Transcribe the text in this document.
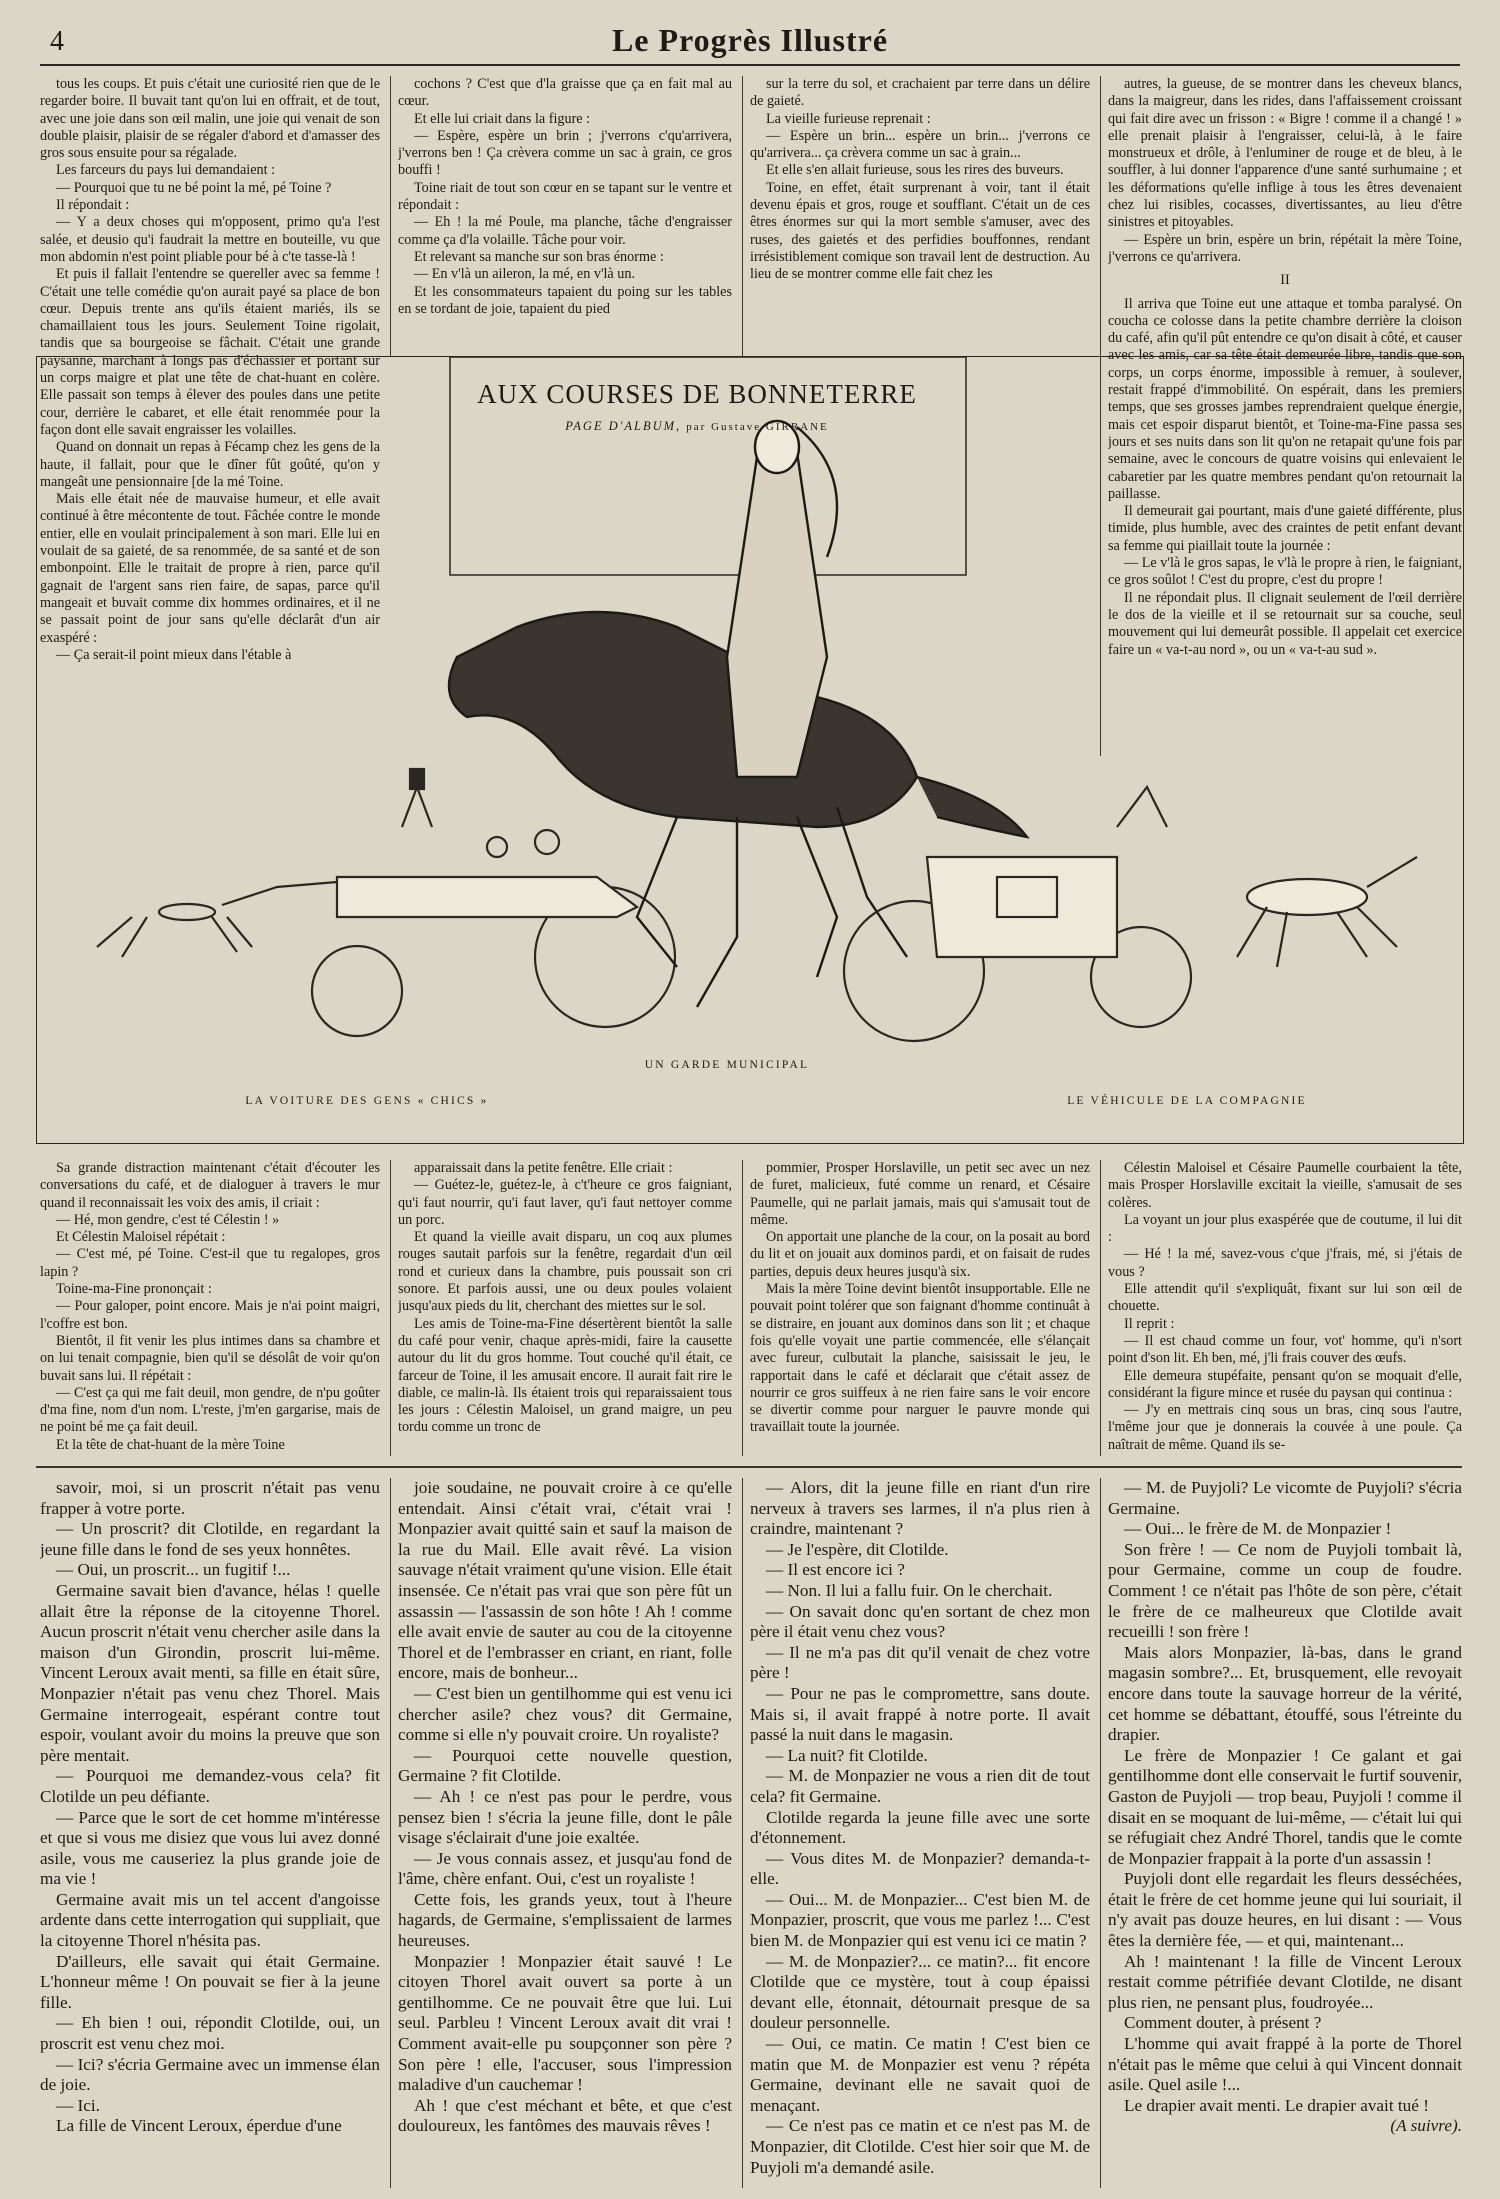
4	Le Progrès Illustré

tous les coups. Et puis c'était une curiosité rien que de le regarder boire. Il buvait tant qu'on lui en offrait, et de tout, avec une joie dans son œil malin, une joie qui venait de son double plaisir, plaisir de se régaler d'abord et d'amasser des gros sous ensuite pour sa régalade.

Les farceurs du pays lui demandaient :

— Pourquoi que tu ne bé point la mé, pé Toine ?

Il répondait :

— Y a deux choses qui m'opposent, primo qu'a l'est salée, et deusio qu'i faudrait la mettre en bouteille, vu que mon abdomin n'est point pliable pour bé à c'te tasse-là !

Et puis il fallait l'entendre se quereller avec sa femme ! C'était une telle comédie qu'on aurait payé sa place de bon cœur. Depuis trente ans qu'ils étaient mariés, ils se chamaillaient tous les jours. Seulement Toine rigolait, tandis que sa bourgeoise se fâchait. C'était une grande paysanne, marchant à longs pas d'échassier et portant sur un corps maigre et plat une tête de chat-huant en colère. Elle passait son temps à élever des poules dans une petite cour, derrière le cabaret, et elle était renommée pour la façon dont elle savait engraisser les volailles.

Quand on donnait un repas à Fécamp chez les gens de la haute, il fallait, pour que le dîner fût goûté, qu'on y mangeât une pensionnaire [de la mé Toine.

Mais elle était née de mauvaise humeur, et elle avait continué à être mécontente de tout. Fâchée contre le monde entier, elle en voulait principalement à son mari. Elle lui en voulait de sa gaieté, de sa renommée, de sa santé et de son embonpoint. Elle le traitait de propre à rien, parce qu'il gagnait de l'argent sans rien faire, de sapas, parce qu'il mangeait et buvait comme dix hommes ordinaires, et il ne se passait point de jour sans qu'elle déclarât d'un air exaspéré :

— Ça serait-il point mieux dans l'étable à

cochons ? C'est que d'la graisse que ça en fait mal au cœur.

Et elle lui criait dans la figure :

— Espère, espère un brin ; j'verrons c'qu'arrivera, j'verrons ben ! Ça crèvera comme un sac à grain, ce gros bouffi !

Toine riait de tout son cœur en se tapant sur le ventre et répondait :

— Eh ! la mé Poule, ma planche, tâche d'engraisser comme ça d'la volaille. Tâche pour voir.

Et relevant sa manche sur son bras énorme :

— En v'là un aileron, la mé, en v'là un.

Et les consommateurs tapaient du poing sur les tables en se tordant de joie, tapaient du pied

sur la terre du sol, et crachaient par terre dans un délire de gaieté.

La vieille furieuse reprenait :

— Espère un brin... espère un brin... j'verrons ce qu'arrivera... ça crèvera comme un sac à grain...

Et elle s'en allait furieuse, sous les rires des buveurs.

Toine, en effet, était surprenant à voir, tant il était devenu épais et gros, rouge et soufflant. C'était un de ces êtres énormes sur qui la mort semble s'amuser, avec des ruses, des gaietés et des perfidies bouffonnes, rendant irrésistiblement comique son travail lent de destruction. Au lieu de se montrer comme elle fait chez les

autres, la gueuse, de se montrer dans les cheveux blancs, dans la maigreur, dans les rides, dans l'affaissement croissant qui fait dire avec un frisson : « Bigre ! comme il a changé ! » elle prenait plaisir à l'engraisser, celui-là, à le faire monstrueux et drôle, à l'enluminer de rouge et de bleu, à le souffler, à lui donner l'apparence d'une santé surhumaine ; et les déformations qu'elle inflige à tous les êtres devenaient chez lui risibles, cocasses, divertissantes, au lieu d'être sinistres et pitoyables.

— Espère un brin, espère un brin, répétait la mère Toine, j'verrons ce qu'arrivera.

II

Il arriva que Toine eut une attaque et tomba paralysé. On coucha ce colosse dans la petite chambre derrière la cloison du café, afin qu'il pût entendre ce qu'on disait à côté, et causer avec les amis, car sa tête était demeurée libre, tandis que son corps, un corps énorme, impossible à remuer, à soulever, restait frappé d'immobilité. On espérait, dans les premiers temps, que ses grosses jambes reprendraient quelque énergie, mais cet espoir disparut bientôt, et Toine-ma-Fine passa ses jours et ses nuits dans son lit qu'on ne retapait qu'une fois par semaine, avec le concours de quatre voisins qui enlevaient le cabaretier par les quatre membres pendant qu'on retournait la paillasse.

Il demeurait gai pourtant, mais d'une gaieté différente, plus timide, plus humble, avec des craintes de petit enfant devant sa femme qui piaillait toute la journée :

— Le v'là le gros sapas, le v'là le propre à rien, le faigniant, ce gros soûlot ! C'est du propre, c'est du propre !

Il ne répondait plus. Il clignait seulement de l'œil derrière le dos de la vieille et il se retournait sur sa couche, seul mouvement qui lui demeurât possible. Il appelait cet exercice faire un « va-t-au nord », ou un « va-t-au sud ».

AUX COURSES DE BONNETERRE
PAGE D'ALBUM, par Gustave GIRRANE
LA VOITURE DES GENS « CHICS »
UN GARDE MUNICIPAL
LE VÉHICULE DE LA COMPAGNIE

Sa grande distraction maintenant c'était d'écouter les conversations du café, et de dialoguer à travers le mur quand il reconnaissait les voix des amis, il criait :

— Hé, mon gendre, c'est té Célestin ! »

Et Célestin Maloisel répétait :

— C'est mé, pé Toine. C'est-il que tu regalopes, gros lapin ?

Toine-ma-Fine prononçait :

— Pour galoper, point encore. Mais je n'ai point maigri, l'coffre est bon.

Bientôt, il fit venir les plus intimes dans sa chambre et on lui tenait compagnie, bien qu'il se désolât de voir qu'on buvait sans lui. Il répétait :

— C'est ça qui me fait deuil, mon gendre, de n'pu goûter d'ma fine, nom d'un nom. L'reste, j'm'en gargarise, mais de ne point bé me ça fait deuil.

Et la tête de chat-huant de la mère Toine

apparaissait dans la petite fenêtre. Elle criait :

— Guétez-le, guétez-le, à c't'heure ce gros faigniant, qu'i faut nourrir, qu'i faut laver, qu'i faut nettoyer comme un porc.

Et quand la vieille avait disparu, un coq aux plumes rouges sautait parfois sur la fenêtre, regardait d'un œil rond et curieux dans la chambre, puis poussait son cri sonore. Et parfois aussi, une ou deux poules volaient jusqu'aux pieds du lit, cherchant des miettes sur le sol.

Les amis de Toine-ma-Fine désertèrent bientôt la salle du café pour venir, chaque après-midi, faire la causette autour du lit du gros homme. Tout couché qu'il était, ce farceur de Toine, il les amusait encore. Il aurait fait rire le diable, ce malin-là. Ils étaient trois qui reparaissaient tous les jours : Célestin Maloisel, un grand maigre, un peu tordu comme un tronc de

pommier, Prosper Horslaville, un petit sec avec un nez de furet, malicieux, futé comme un renard, et Césaire Paumelle, qui ne parlait jamais, mais qui s'amusait tout de même.

On apportait une planche de la cour, on la posait au bord du lit et on jouait aux dominos pardi, et on faisait de rudes parties, depuis deux heures jusqu'à six.

Mais la mère Toine devint bientôt insupportable. Elle ne pouvait point tolérer que son faignant d'homme continuât à se distraire, en jouant aux dominos dans son lit ; et chaque fois qu'elle voyait une partie commencée, elle s'élançait avec fureur, culbutait la planche, saisissait le jeu, le rapportait dans le café et déclarait que c'était assez de nourrir ce gros suiffeux à ne rien faire sans le voir encore se divertir comme pour narguer le pauvre monde qui travaillait toute la journée.

Célestin Maloisel et Césaire Paumelle courbaient la tête, mais Prosper Horslaville excitait la vieille, s'amusait de ses colères.

La voyant un jour plus exaspérée que de coutume, il lui dit :

— Hé ! la mé, savez-vous c'que j'frais, mé, si j'étais de vous ?

Elle attendit qu'il s'expliquât, fixant sur lui son œil de chouette.

Il reprit :

— Il est chaud comme un four, vot' homme, qu'i n'sort point d'son lit. Eh ben, mé, j'li frais couver des œufs.

Elle demeura stupéfaite, pensant qu'on se moquait d'elle, considérant la figure mince et rusée du paysan qui continua :

— J'y en mettrais cinq sous un bras, cinq sous l'autre, l'même jour que je donnerais la couvée à une poule. Ça naîtrait de même. Quand ils se-

savoir, moi, si un proscrit n'était pas venu frapper à votre porte.

— Un proscrit? dit Clotilde, en regardant la jeune fille dans le fond de ses yeux honnêtes.

— Oui, un proscrit... un fugitif !...

Germaine savait bien d'avance, hélas ! quelle allait être la réponse de la citoyenne Thorel. Aucun proscrit n'était venu chercher asile dans la maison d'un Girondin, proscrit lui-même. Vincent Leroux avait menti, sa fille en était sûre, Monpazier n'était pas venu chez Thorel. Mais Germaine interrogeait, espérant contre tout espoir, voulant avoir du moins la preuve que son père mentait.

— Pourquoi me demandez-vous cela? fit Clotilde un peu défiante.

— Parce que le sort de cet homme m'intéresse et que si vous me disiez que vous lui avez donné asile, vous me causeriez la plus grande joie de ma vie !

Germaine avait mis un tel accent d'angoisse ardente dans cette interrogation qui suppliait, que la citoyenne Thorel n'hésita pas.

D'ailleurs, elle savait qui était Germaine. L'honneur même ! On pouvait se fier à la jeune fille.

— Eh bien ! oui, répondit Clotilde, oui, un proscrit est venu chez moi.

— Ici? s'écria Germaine avec un immense élan de joie.

— Ici.

La fille de Vincent Leroux, éperdue d'une

joie soudaine, ne pouvait croire à ce qu'elle entendait. Ainsi c'était vrai, c'était vrai ! Monpazier avait quitté sain et sauf la maison de la rue du Mail. Elle avait rêvé. La vision sauvage n'était vraiment qu'une vision. Elle était insensée. Ce n'était pas vrai que son père fût un assassin — l'assassin de son hôte ! Ah ! comme elle avait envie de sauter au cou de la citoyenne Thorel et de l'embrasser en criant, en riant, folle encore, mais de bonheur...

— C'est bien un gentilhomme qui est venu ici chercher asile? chez vous? dit Germaine, comme si elle n'y pouvait croire. Un royaliste?

— Pourquoi cette nouvelle question, Germaine ? fit Clotilde.

— Ah ! ce n'est pas pour le perdre, vous pensez bien ! s'écria la jeune fille, dont le pâle visage s'éclairait d'une joie exaltée.

— Je vous connais assez, et jusqu'au fond de l'âme, chère enfant. Oui, c'est un royaliste !

Cette fois, les grands yeux, tout à l'heure hagards, de Germaine, s'emplissaient de larmes heureuses.

Monpazier ! Monpazier était sauvé ! Le citoyen Thorel avait ouvert sa porte à un gentilhomme. Ce ne pouvait être que lui. Lui seul. Parbleu ! Vincent Leroux avait dit vrai ! Comment avait-elle pu soupçonner son père ? Son père ! elle, l'accuser, sous l'impression maladive d'un cauchemar !

Ah ! que c'est méchant et bête, et que c'est douloureux, les fantômes des mauvais rêves !

— Alors, dit la jeune fille en riant d'un rire nerveux à travers ses larmes, il n'a plus rien à craindre, maintenant ?

— Je l'espère, dit Clotilde.

— Il est encore ici ?

— Non. Il lui a fallu fuir. On le cherchait.

— On savait donc qu'en sortant de chez mon père il était venu chez vous?

— Il ne m'a pas dit qu'il venait de chez votre père !

— Pour ne pas le compromettre, sans doute. Mais si, il avait frappé à notre porte. Il avait passé la nuit dans le magasin.

— La nuit? fit Clotilde.

— M. de Monpazier ne vous a rien dit de tout cela? fit Germaine.

Clotilde regarda la jeune fille avec une sorte d'étonnement.

— Vous dites M. de Monpazier? demanda-t-elle.

— Oui... M. de Monpazier... C'est bien M. de Monpazier, proscrit, que vous me parlez !... C'est bien M. de Monpazier qui est venu ici ce matin ?

— M. de Monpazier?... ce matin?... fit encore Clotilde que ce mystère, tout à coup épaissi devant elle, étonnait, détournait presque de sa douleur personnelle.

— Oui, ce matin. Ce matin ! C'est bien ce matin que M. de Monpazier est venu ? répéta Germaine, devinant elle ne savait quoi de menaçant.

— Ce n'est pas ce matin et ce n'est pas M. de Monpazier, dit Clotilde. C'est hier soir que M. de Puyjoli m'a demandé asile.

— M. de Puyjoli? Le vicomte de Puyjoli? s'écria Germaine.

— Oui... le frère de M. de Monpazier !

Son frère ! — Ce nom de Puyjoli tombait là, pour Germaine, comme un coup de foudre. Comment ! ce n'était pas l'hôte de son père, c'était le frère de ce malheureux que Clotilde avait recueilli ! son frère !

Mais alors Monpazier, là-bas, dans le grand magasin sombre?... Et, brusquement, elle revoyait encore dans toute la sauvage horreur de la vérité, cet homme se débattant, étouffé, sous l'étreinte du drapier.

Le frère de Monpazier ! Ce galant et gai gentilhomme dont elle conservait le furtif souvenir, Gaston de Puyjoli — trop beau, Puyjoli ! comme il disait en se moquant de lui-même, — c'était lui qui se réfugiait chez André Thorel, tandis que le comte de Monpazier frappait à la porte d'un assassin !

Puyjoli dont elle regardait les fleurs desséchées, était le frère de cet homme jeune qui lui souriait, il n'y avait pas douze heures, en lui disant : — Vous êtes la dernière fée, — et qui, maintenant...

Ah ! maintenant ! la fille de Vincent Leroux restait comme pétrifiée devant Clotilde, ne disant plus rien, ne pensant plus, foudroyée...

Comment douter, à présent ?

L'homme qui avait frappé à la porte de Thorel n'était pas le même que celui à qui Vincent donnait asile. Quel asile !...

Le drapier avait menti. Le drapier avait tué !

(A suivre).
